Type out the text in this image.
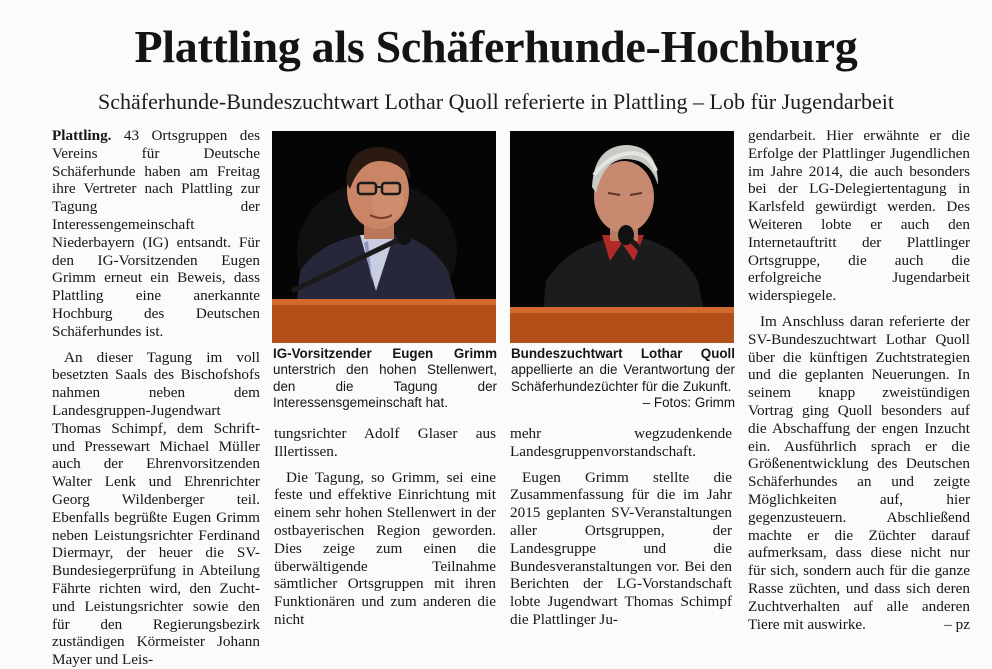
Plattling als Schäferhunde-Hochburg
Schäferhunde-Bundeszuchtwart Lothar Quoll referierte in Plattling – Lob für Jugendarbeit

Plattling. 43 Ortsgruppen des Vereins für Deutsche Schäferhunde haben am Freitag ihre Vertreter nach Plattling zur Tagung der Interessengemeinschaft Niederbayern (IG) entsandt. Für den IG-Vorsitzenden Eugen Grimm erneut ein Beweis, dass Plattling eine anerkannte Hochburg des Deutschen Schäferhundes ist.

An dieser Tagung im voll besetzten Saals des Bischofshofs nahmen neben dem Landesgruppen-Jugendwart Thomas Schimpf, dem Schrift- und Pressewart Michael Müller auch der Ehrenvorsitzenden Walter Lenk und Ehrenrichter Georg Wildenberger teil. Ebenfalls begrüßte Eugen Grimm neben Leistungsrichter Ferdinand Diermayr, der heuer die SV-Bundesiegerprüfung in Abteilung Fährte richten wird, den Zucht- und Leistungsrichter sowie den für den Regierungsbezirk zuständigen Körmeister Johann Mayer und Leis-

IG-Vorsitzender Eugen Grimm unterstrich den hohen Stellenwert, den die Tagung der Interessensgemeinschaft hat.
Bundeszuchtwart Lothar Quoll appellierte an die Verantwortung der Schäferhundezüchter für die Zukunft.
– Fotos: Grimm

tungsrichter Adolf Glaser aus Illertissen.

Die Tagung, so Grimm, sei eine feste und effektive Einrichtung mit einem sehr hohen Stellenwert in der ostbayerischen Region geworden. Dies zeige zum einen die überwältigende Teilnahme sämtlicher Ortsgruppen mit ihren Funktionären und zum anderen die nicht

mehr wegzudenkende Landesgruppenvorstandschaft.

Eugen Grimm stellte die Zusammenfassung für die im Jahr 2015 geplanten SV-Veranstaltungen aller Ortsgruppen, der Landesgruppe und die Bundesveranstaltungen vor. Bei den Berichten der LG-Vorstandschaft lobte Jugendwart Thomas Schimpf die Plattlinger Ju-

gendarbeit. Hier erwähnte er die Erfolge der Plattlinger Jugendlichen im Jahre 2014, die auch besonders bei der LG-Delegiertentagung in Karlsfeld gewürdigt werden. Des Weiteren lobte er auch den Internetauftritt der Plattlinger Ortsgruppe, die auch die erfolgreiche Jugendarbeit widerspiegele.

Im Anschluss daran referierte der SV-Bundeszuchtwart Lothar Quoll über die künftigen Zuchtstrategien und die geplanten Neuerungen. In seinem knapp zweistündigen Vortrag ging Quoll besonders auf die Abschaffung der engen Inzucht ein. Ausführlich sprach er die Größenentwicklung des Deutschen Schäferhundes an und zeigte Möglichkeiten auf, hier gegenzusteuern. Abschließend machte er die Züchter darauf aufmerksam, dass diese nicht nur für sich, sondern auch für die ganze Rasse züchten, und dass sich deren Zuchtverhalten auf alle anderen Tiere mit auswirke.	– pz
